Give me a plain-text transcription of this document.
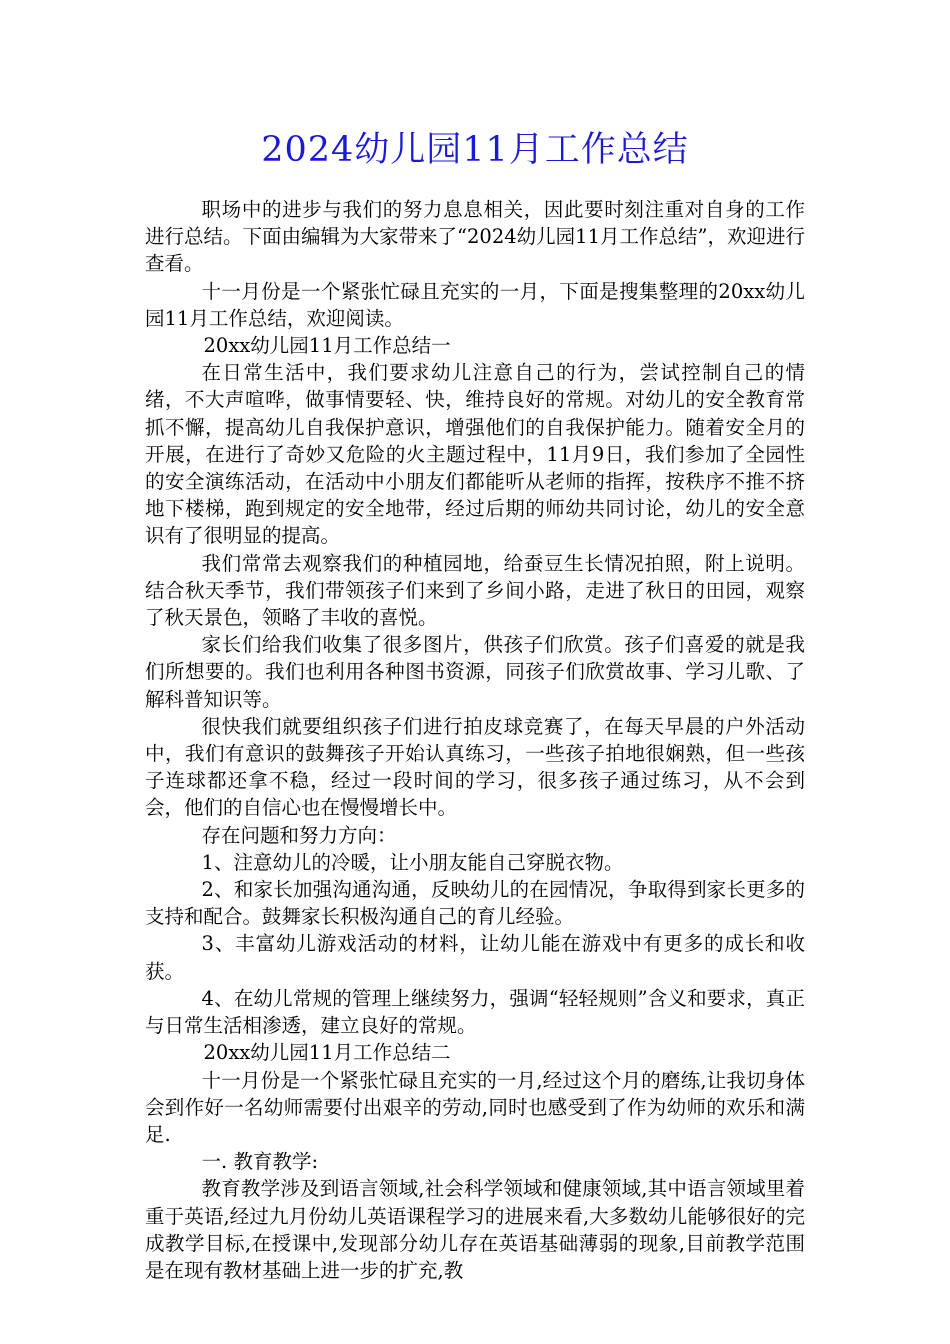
2024幼儿园11月工作总结

职场中的进步与我们的努力息息相关，因此要时刻注重对自身的工作进行总结。下面由编辑为大家带来了“2024幼儿园11月工作总结”，欢迎进行查看。

十一月份是一个紧张忙碌且充实的一月，下面是搜集整理的20xx幼儿园11月工作总结，欢迎阅读。

20xx幼儿园11月工作总结一

在日常生活中，我们要求幼儿注意自己的行为，尝试控制自己的情绪，不大声喧哗，做事情要轻、快，维持良好的常规。对幼儿的安全教育常抓不懈，提高幼儿自我保护意识，增强他们的自我保护能力。随着安全月的开展，在进行了奇妙又危险的火主题过程中，11月9日，我们参加了全园性的安全演练活动，在活动中小朋友们都能听从老师的指挥，按秩序不推不挤地下楼梯，跑到规定的安全地带，经过后期的师幼共同讨论，幼儿的安全意识有了很明显的提高。

我们常常去观察我们的种植园地，给蚕豆生长情况拍照，附上说明。结合秋天季节，我们带领孩子们来到了乡间小路，走进了秋日的田园，观察了秋天景色，领略了丰收的喜悦。

家长们给我们收集了很多图片，供孩子们欣赏。孩子们喜爱的就是我们所想要的。我们也利用各种图书资源，同孩子们欣赏故事、学习儿歌、了解科普知识等。

很快我们就要组织孩子们进行拍皮球竞赛了，在每天早晨的户外活动中，我们有意识的鼓舞孩子开始认真练习，一些孩子拍地很娴熟，但一些孩子连球都还拿不稳，经过一段时间的学习，很多孩子通过练习，从不会到会，他们的自信心也在慢慢增长中。

存在问题和努力方向：

1、注意幼儿的冷暖，让小朋友能自己穿脱衣物。

2、和家长加强沟通沟通，反映幼儿的在园情况，争取得到家长更多的支持和配合。鼓舞家长积极沟通自己的育儿经验。

3、丰富幼儿游戏活动的材料，让幼儿能在游戏中有更多的成长和收获。

4、在幼儿常规的管理上继续努力，强调“轻轻规则”含义和要求，真正与日常生活相渗透，建立良好的常规。

20xx幼儿园11月工作总结二

十一月份是一个紧张忙碌且充实的一月,经过这个月的磨练,让我切身体会到作好一名幼师需要付出艰辛的劳动,同时也感受到了作为幼师的欢乐和满足.

一. 教育教学:

教育教学涉及到语言领域,社会科学领域和健康领域,其中语言领域里着重于英语,经过九月份幼儿英语课程学习的进展来看,大多数幼儿能够很好的完成教学目标,在授课中,发现部分幼儿存在英语基础薄弱的现象,目前教学范围是在现有教材基础上进一步的扩充,教
